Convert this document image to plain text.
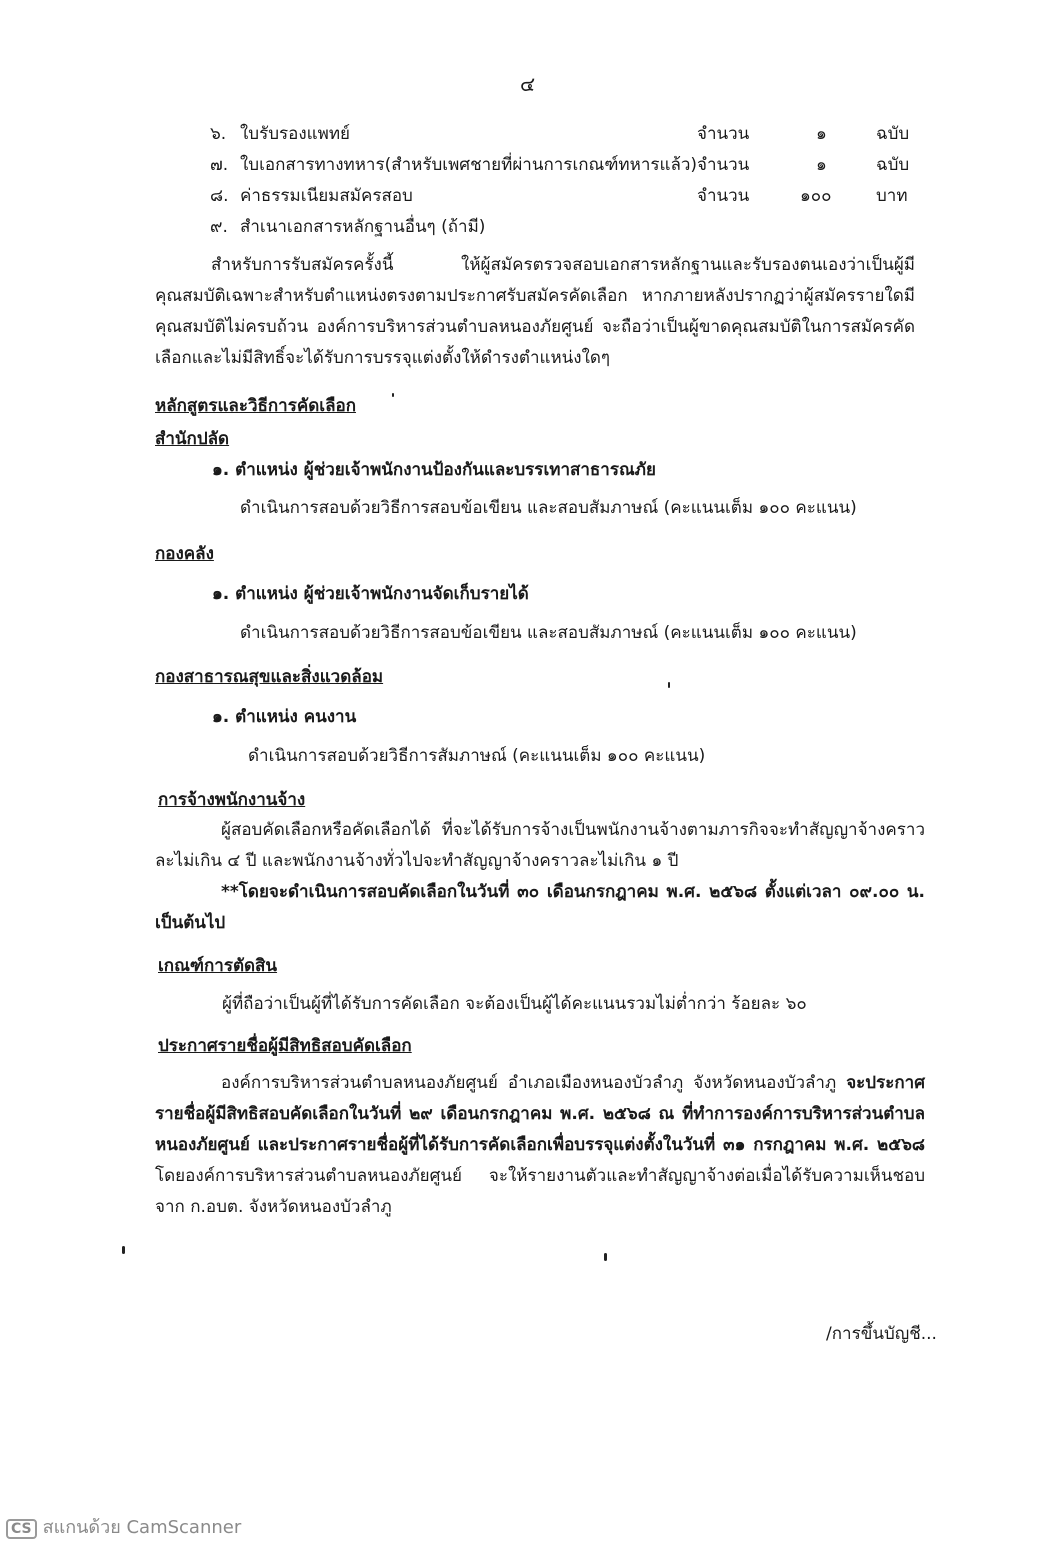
๔
๖. ใบรับรองแพทย์	จำนวน	๑	ฉบับ
๗. ใบเอกสารทางทหาร(สำหรับเพศชายที่ผ่านการเกณฑ์ทหารแล้ว) จำนวน	๑	ฉบับ
๘. ค่าธรรมเนียมสมัครสอบ	จำนวน	๑๐๐	บาท
๙. สำเนาเอกสารหลักฐานอื่นๆ (ถ้ามี)
สำหรับการรับสมัครครั้งนี้ ให้ผู้สมัครตรวจสอบเอกสารหลักฐานและรับรองตนเองว่าเป็นผู้มีคุณสมบัติเฉพาะสำหรับตำแหน่งตรงตามประกาศรับสมัครคัดเลือก หากภายหลังปรากฏว่าผู้สมัครรายใดมีคุณสมบัติไม่ครบถ้วน องค์การบริหารส่วนตำบลหนองภัยศูนย์ จะถือว่าเป็นผู้ขาดคุณสมบัติในการสมัครคัดเลือกและไม่มีสิทธิ์จะได้รับการบรรจุแต่งตั้งให้ดำรงตำแหน่งใดๆ
หลักสูตรและวิธีการคัดเลือก
สำนักปลัด
๑. ตำแหน่ง ผู้ช่วยเจ้าพนักงานป้องกันและบรรเทาสาธารณภัย
ดำเนินการสอบด้วยวิธีการสอบข้อเขียน และสอบสัมภาษณ์ (คะแนนเต็ม ๑๐๐ คะแนน)
กองคลัง
๑. ตำแหน่ง ผู้ช่วยเจ้าพนักงานจัดเก็บรายได้
ดำเนินการสอบด้วยวิธีการสอบข้อเขียน และสอบสัมภาษณ์ (คะแนนเต็ม ๑๐๐ คะแนน)
กองสาธารณสุขและสิ่งแวดล้อม
๑. ตำแหน่ง คนงาน
ดำเนินการสอบด้วยวิธีการสัมภาษณ์ (คะแนนเต็ม ๑๐๐ คะแนน)
การจ้างพนักงานจ้าง
ผู้สอบคัดเลือกหรือคัดเลือกได้ ที่จะได้รับการจ้างเป็นพนักงานจ้างตามภารกิจจะทำสัญญาจ้างคราวละไม่เกิน ๔ ปี และพนักงานจ้างทั่วไปจะทำสัญญาจ้างคราวละไม่เกิน ๑ ปี
**โดยจะดำเนินการสอบคัดเลือกในวันที่ ๓๐ เดือนกรกฎาคม พ.ศ. ๒๕๖๘ ตั้งแต่เวลา ๐๙.๐๐ น. เป็นต้นไป
เกณฑ์การตัดสิน
ผู้ที่ถือว่าเป็นผู้ที่ได้รับการคัดเลือก จะต้องเป็นผู้ได้คะแนนรวมไม่ต่ำกว่า ร้อยละ ๖๐
ประกาศรายชื่อผู้มีสิทธิสอบคัดเลือก
องค์การบริหารส่วนตำบลหนองภัยศูนย์ อำเภอเมืองหนองบัวลำภู จังหวัดหนองบัวลำภู จะประกาศรายชื่อผู้มีสิทธิสอบคัดเลือกในวันที่ ๒๙ เดือนกรกฎาคม พ.ศ. ๒๕๖๘ ณ ที่ทำการองค์การบริหารส่วนตำบลหนองภัยศูนย์ และประกาศรายชื่อผู้ที่ได้รับการคัดเลือกเพื่อบรรจุแต่งตั้งในวันที่ ๓๑ กรกฎาคม พ.ศ. ๒๕๖๘ โดยองค์การบริหารส่วนตำบลหนองภัยศูนย์ จะให้รายงานตัวและทำสัญญาจ้างต่อเมื่อได้รับความเห็นชอบจาก ก.อบต. จังหวัดหนองบัวลำภู
/การขึ้นบัญชี...
CS สแกนด้วย CamScanner
